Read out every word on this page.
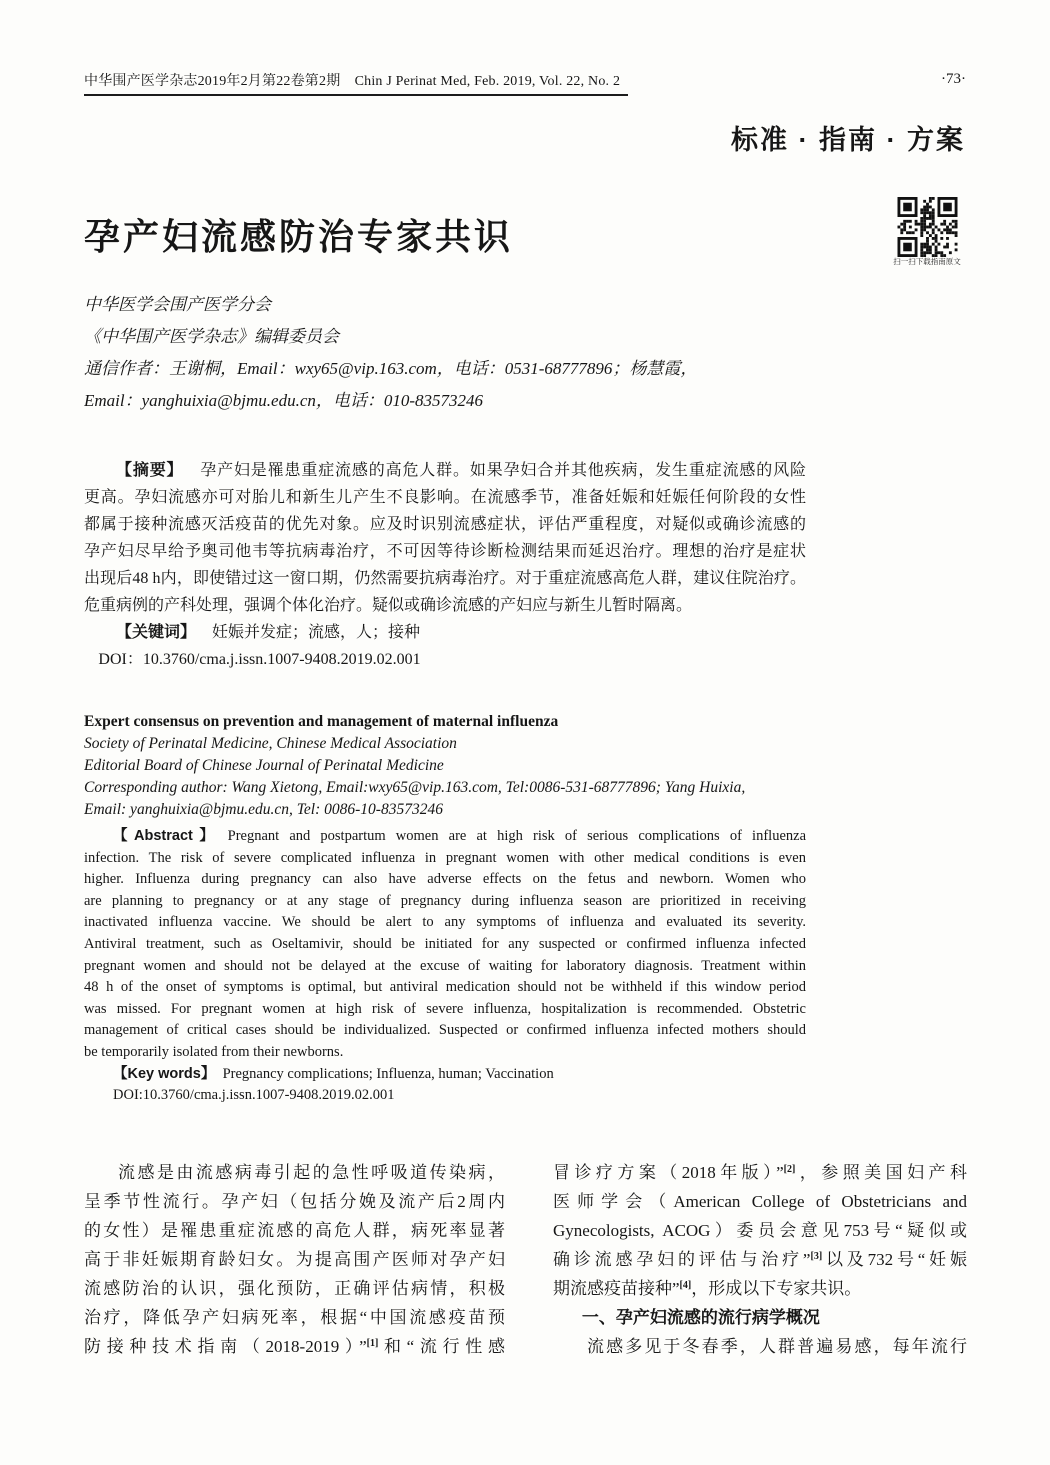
中华围产医学杂志2019年2月第22卷第2期 Chin J Perinat Med, Feb. 2019, Vol. 22, No. 2	·73·
标准 · 指南 · 方案
孕产妇流感防治专家共识
扫一扫下载指南原文
中华医学会围产医学分会
《中华围产医学杂志》编辑委员会
通信作者：王谢桐，Email：wxy65@vip.163.com，电话：0531-68777896；杨慧霞，
Email：yanghuixia@bjmu.edu.cn，电话：010-83573246
【摘要】 孕产妇是罹患重症流感的高危人群。如果孕妇合并其他疾病，发生重症流感的风险
更高。孕妇流感亦可对胎儿和新生儿产生不良影响。在流感季节，准备妊娠和妊娠任何阶段的女性
都属于接种流感灭活疫苗的优先对象。应及时识别流感症状，评估严重程度，对疑似或确诊流感的
孕产妇尽早给予奥司他韦等抗病毒治疗，不可因等待诊断检测结果而延迟治疗。理想的治疗是症状
出现后48 h内，即使错过这一窗口期，仍然需要抗病毒治疗。对于重症流感高危人群，建议住院治疗。
危重病例的产科处理，强调个体化治疗。疑似或确诊流感的产妇应与新生儿暂时隔离。
【关键词】 妊娠并发症；流感，人；接种
DOI：10.3760/cma.j.issn.1007-9408.2019.02.001
Expert consensus on prevention and management of maternal influenza
Society of Perinatal Medicine, Chinese Medical Association
Editorial Board of Chinese Journal of Perinatal Medicine
Corresponding author: Wang Xietong, Email:wxy65@vip.163.com, Tel:0086-531-68777896; Yang Huixia,
Email: yanghuixia@bjmu.edu.cn, Tel: 0086-10-83573246
【Abstract】 Pregnant and postpartum women are at high risk of serious complications of influenza
infection. The risk of severe complicated influenza in pregnant women with other medical conditions is even
higher. Influenza during pregnancy can also have adverse effects on the fetus and newborn. Women who
are planning to pregnancy or at any stage of pregnancy during influenza season are prioritized in receiving
inactivated influenza vaccine. We should be alert to any symptoms of influenza and evaluated its severity.
Antiviral treatment, such as Oseltamivir, should be initiated for any suspected or confirmed influenza infected
pregnant women and should not be delayed at the excuse of waiting for laboratory diagnosis. Treatment within
48 h of the onset of symptoms is optimal, but antiviral medication should not be withheld if this window period
was missed. For pregnant women at high risk of severe influenza, hospitalization is recommended. Obstetric
management of critical cases should be individualized. Suspected or confirmed influenza infected mothers should
be temporarily isolated from their newborns.
【Key words】 Pregnancy complications; Influenza, human; Vaccination
DOI:10.3760/cma.j.issn.1007-9408.2019.02.001
流感是由流感病毒引起的急性呼吸道传染病，
呈季节性流行。孕产妇（包括分娩及流产后2周内
的女性）是罹患重症流感的高危人群，病死率显著
高于非妊娠期育龄妇女。为提高围产医师对孕产妇
流感防治的认识，强化预防，正确评估病情，积极
治疗，降低孕产妇病死率，根据“中国流感疫苗预
防接种技术指南（2018-2019）”[1]和“流行性感
冒诊疗方案（2018年版）”[2]，参照美国妇产科
医师学会（American College of Obstetricians and
Gynecologists, ACOG）委员会意见753号“疑似或
确诊流感孕妇的评估与治疗”[3]以及732号“妊娠
期流感疫苗接种”[4]，形成以下专家共识。
一、孕产妇流感的流行病学概况
流感多见于冬春季，人群普遍易感，每年流行
